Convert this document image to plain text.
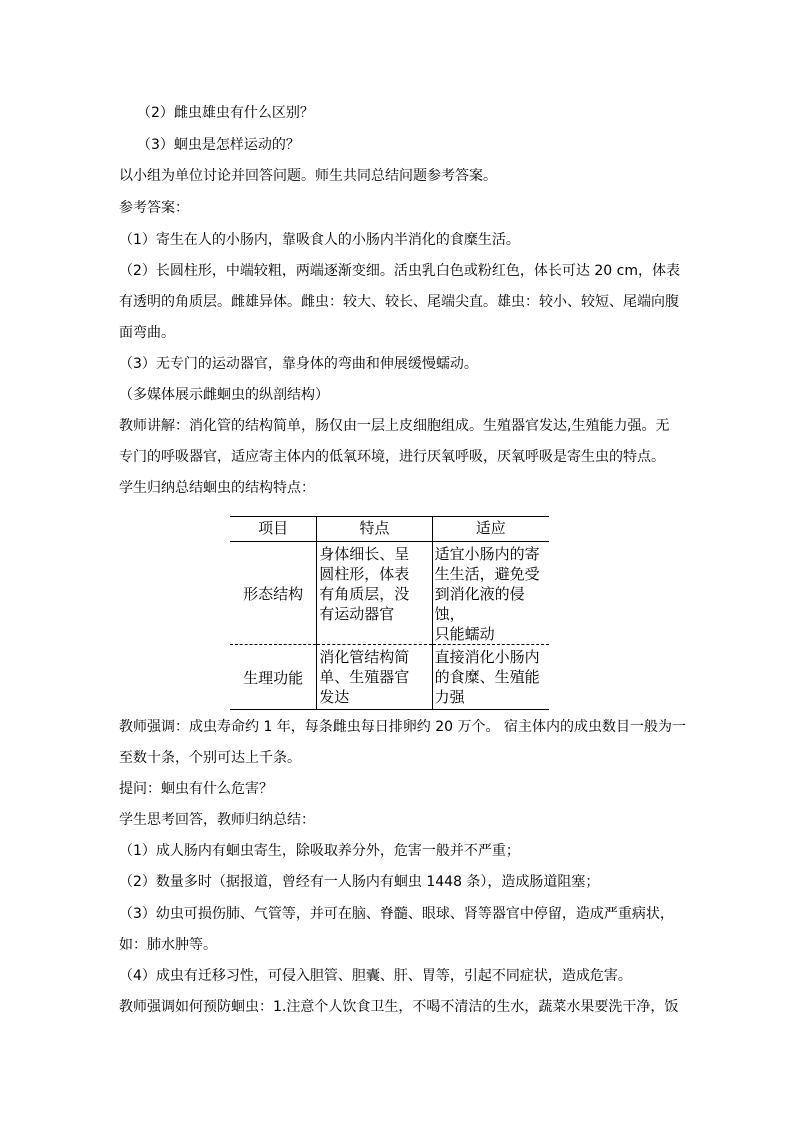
（2）雌虫雄虫有什么区别？
（3）蛔虫是怎样运动的？
以小组为单位讨论并回答问题。师生共同总结问题参考答案。
参考答案：
（1）寄生在人的小肠内，靠吸食人的小肠内半消化的食糜生活。
（2）长圆柱形，中端较粗，两端逐渐变细。活虫乳白色或粉红色，体长可达 20 cm，体表
有透明的角质层。雌雄异体。雌虫：较大、较长、尾端尖直。雄虫：较小、较短、尾端向腹
面弯曲。
（3）无专门的运动器官，靠身体的弯曲和伸展缓慢蠕动。
（多媒体展示雌蛔虫的纵剖结构）
教师讲解：消化管的结构简单，肠仅由一层上皮细胞组成。生殖器官发达,生殖能力强。无
专门的呼吸器官，适应寄主体内的低氧环境，进行厌氧呼吸，厌氧呼吸是寄生虫的特点。
学生归纳总结蛔虫的结构特点：
项目	特点	适应
形态结构	身体细长、呈
圆柱形，体表
有角质层，没
有运动器官	适宜小肠内的寄
生生活，避免受
到消化液的侵蚀，
只能蠕动

生理功能	消化管结构简
单、生殖器官
发达	直接消化小肠内
的食糜、生殖能
力强
教师强调：成虫寿命约 1 年，每条雌虫每日排卵约 20 万个。 宿主体内的成虫数目一般为一
至数十条，个别可达上千条。
提问：蛔虫有什么危害？
学生思考回答，教师归纳总结：
（1）成人肠内有蛔虫寄生，除吸取养分外，危害一般并不严重；
（2）数量多时（据报道，曾经有一人肠内有蛔虫 1448 条），造成肠道阻塞；
（3）幼虫可损伤肺、气管等，并可在脑、脊髓、眼球、肾等器官中停留，造成严重病状，
如：肺水肿等。
（4）成虫有迁移习性，可侵入胆管、胆囊、肝、胃等，引起不同症状，造成危害。
教师强调如何预防蛔虫：1.注意个人饮食卫生，不喝不清洁的生水，蔬菜水果要洗干净，饭
